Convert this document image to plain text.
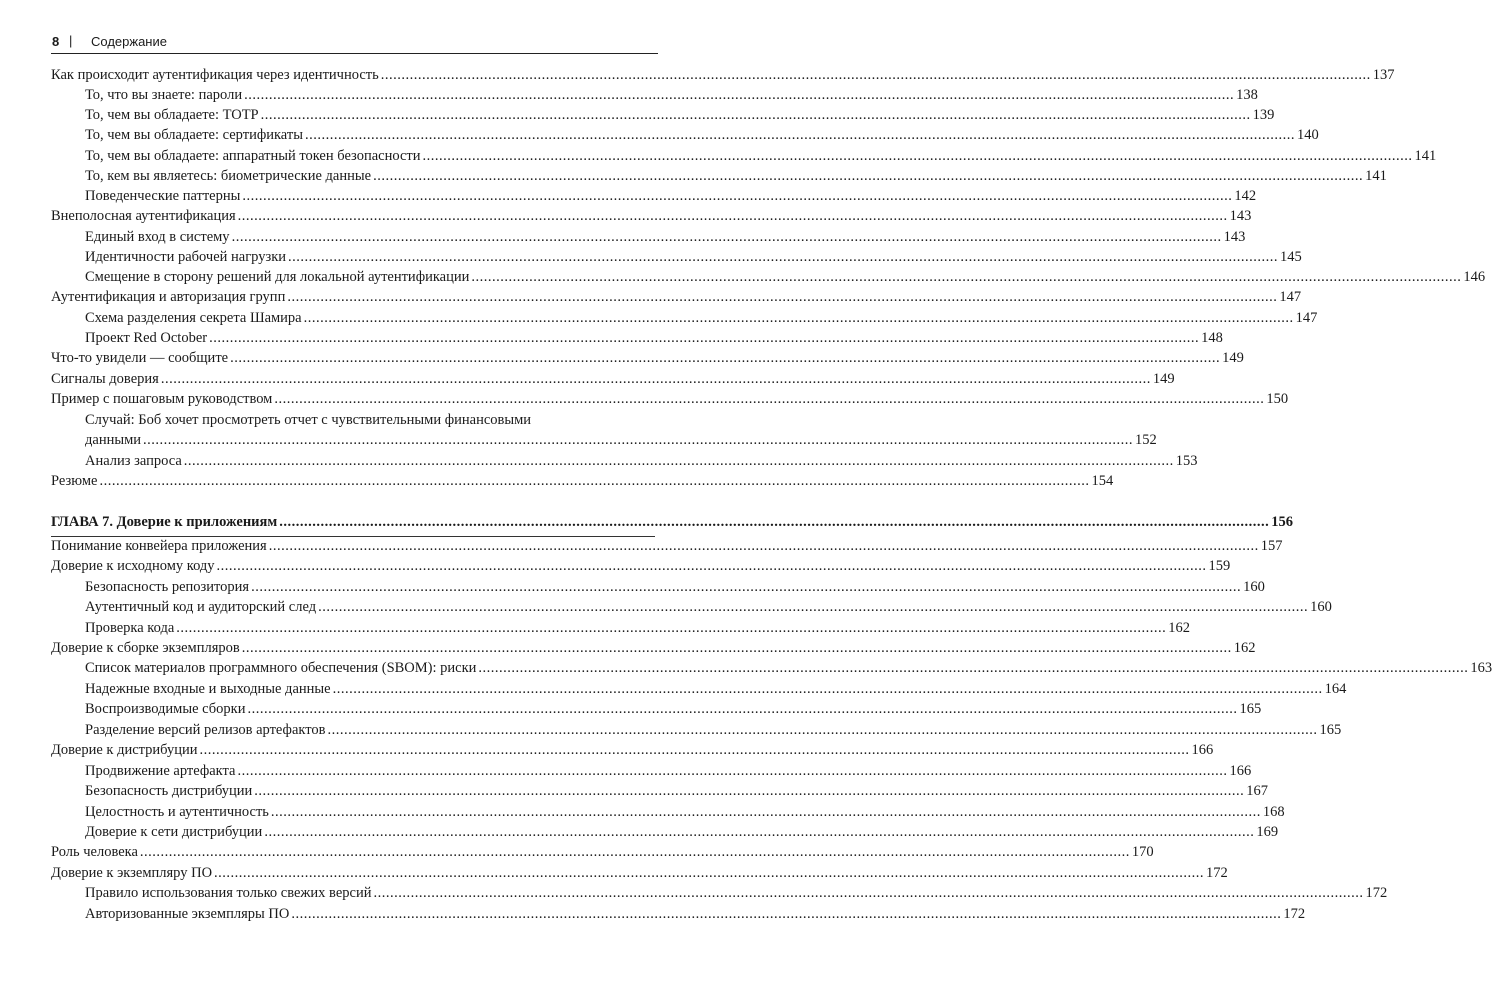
8 | Содержание
Как происходит аутентификация через идентичность .....	137
То, что вы знаете: пароли .....	138
То, чем вы обладаете: TOTP .....	139
То, чем вы обладаете: сертификаты .....	140
То, чем вы обладаете: аппаратный токен безопасности .....	141
То, кем вы являетесь: биометрические данные .....	141
Поведенческие паттерны .....	142
Внеполосная аутентификация .....	143
Единый вход в систему .....	143
Идентичности рабочей нагрузки .....	145
Смещение в сторону решений для локальной аутентификации .....	146
Аутентификация и авторизация групп .....	147
Схема разделения секрета Шамира .....	147
Проект Red October .....	148
Что-то увидели — сообщите .....	149
Сигналы доверия .....	149
Пример с пошаговым руководством .....	150
Случай: Боб хочет просмотреть отчет с чувствительными финансовыми
данными .....	152
Анализ запроса .....	153
Резюме .....	154
ГЛАВА 7. Доверие к приложениям .....	156
Понимание конвейера приложения .....	157
Доверие к исходному коду .....	159
Безопасность репозитория .....	160
Аутентичный код и аудиторский след .....	160
Проверка кода .....	162
Доверие к сборке экземпляров .....	162
Список материалов программного обеспечения (SBOM): риски .....	163
Надежные входные и выходные данные .....	164
Воспроизводимые сборки .....	165
Разделение версий релизов артефактов .....	165
Доверие к дистрибуции .....	166
Продвижение артефакта .....	166
Безопасность дистрибуции .....	167
Целостность и аутентичность .....	168
Доверие к сети дистрибуции .....	169
Роль человека .....	170
Доверие к экземпляру ПО .....	172
Правило использования только свежих версий .....	172
Авторизованные экземпляры ПО .....	172
